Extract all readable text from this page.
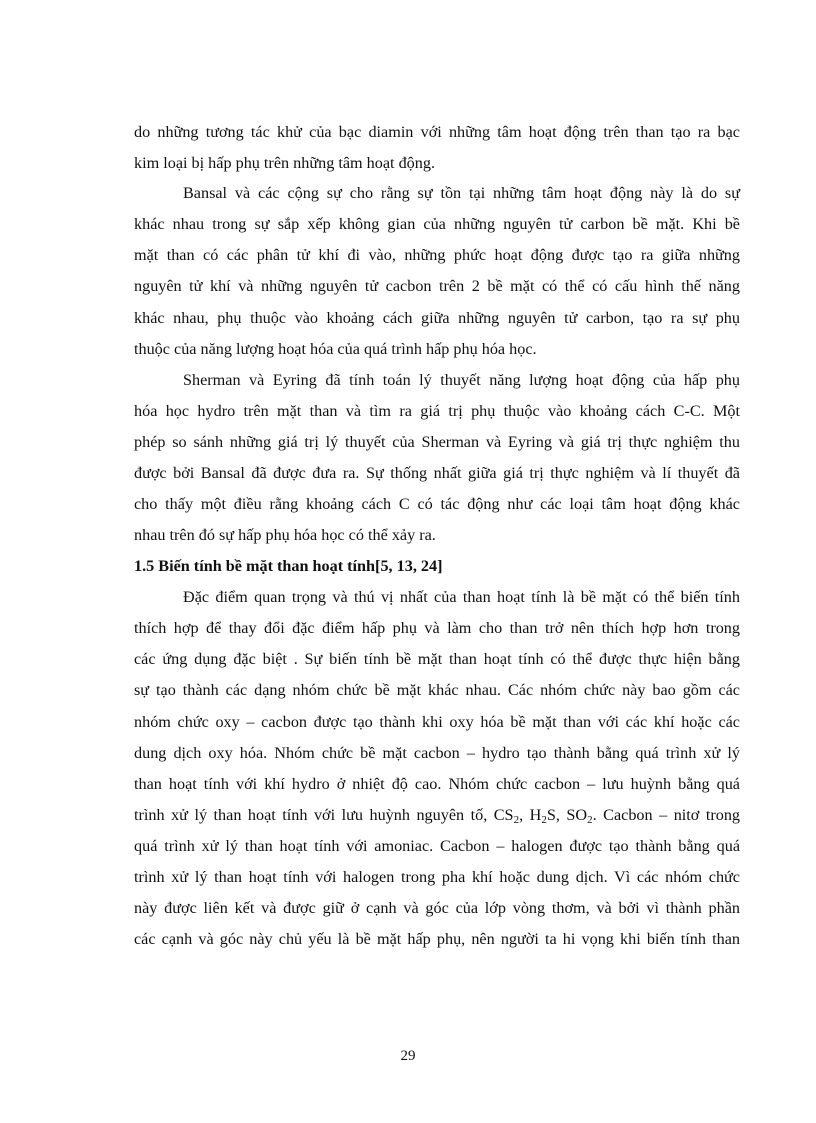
do những tương tác khử của bạc diamin với những tâm hoạt động trên than tạo ra bạc
kim loại bị hấp phụ trên những tâm hoạt động.
Bansal và các cộng sự cho rằng sự tồn tại những tâm hoạt động này là do sự
khác nhau trong sự sắp xếp không gian của những nguyên tử carbon bề mặt. Khi bề
mặt than có các phân tử khí đi vào, những phức hoạt động được tạo ra giữa những
nguyên tử khí và những nguyên tử cacbon trên 2 bề mặt có thể có cấu hình thế năng
khác nhau, phụ thuộc vào khoảng cách giữa những nguyên tử carbon, tạo ra sự phụ
thuộc của năng lượng hoạt hóa của quá trình hấp phụ hóa học.
Sherman và Eyring đã tính toán lý thuyết năng lượng hoạt động của hấp phụ
hóa học hydro trên mặt than và tìm ra giá trị phụ thuộc vào khoảng cách C-C. Một
phép so sánh những giá trị lý thuyết của Sherman và Eyring và giá trị thực nghiệm thu
được bởi Bansal đã được đưa ra. Sự thống nhất giữa giá trị thực nghiệm và lí thuyết đã
cho thấy một điều rằng khoảng cách C có tác động như các loại tâm hoạt động khác
nhau trên đó sự hấp phụ hóa học có thể xảy ra.
1.5 Biến tính bề mặt than hoạt tính[5, 13, 24]
Đặc điểm quan trọng và thú vị nhất của than hoạt tính là bề mặt có thể biến tính
thích hợp để thay đổi đặc điểm hấp phụ và làm cho than trở nên thích hợp hơn trong
các ứng dụng đặc biệt . Sự biến tính bề mặt than hoạt tính có thể được thực hiện bằng
sự tạo thành các dạng nhóm chức bề mặt khác nhau. Các nhóm chức này bao gồm các
nhóm chức oxy – cacbon được tạo thành khi oxy hóa bề mặt than với các khí hoặc các
dung dịch oxy hóa. Nhóm chức bề mặt cacbon – hydro tạo thành bằng quá trình xử lý
than hoạt tính với khí hydro ở nhiệt độ cao. Nhóm chức cacbon – lưu huỳnh bằng quá
trình xử lý than hoạt tính với lưu huỳnh nguyên tố, $CS_2$, $H_2S$, $SO_2$. Cacbon – nitơ trong
quá trình xử lý than hoạt tính với amoniac. Cacbon – halogen được tạo thành bằng quá
trình xử lý than hoạt tính với halogen trong pha khí hoặc dung dịch. Vì các nhóm chức
này được liên kết và được giữ ở cạnh và góc của lớp vòng thơm, và bởi vì thành phần
các cạnh và góc này chủ yếu là bề mặt hấp phụ, nên người ta hi vọng khi biến tính than
29
